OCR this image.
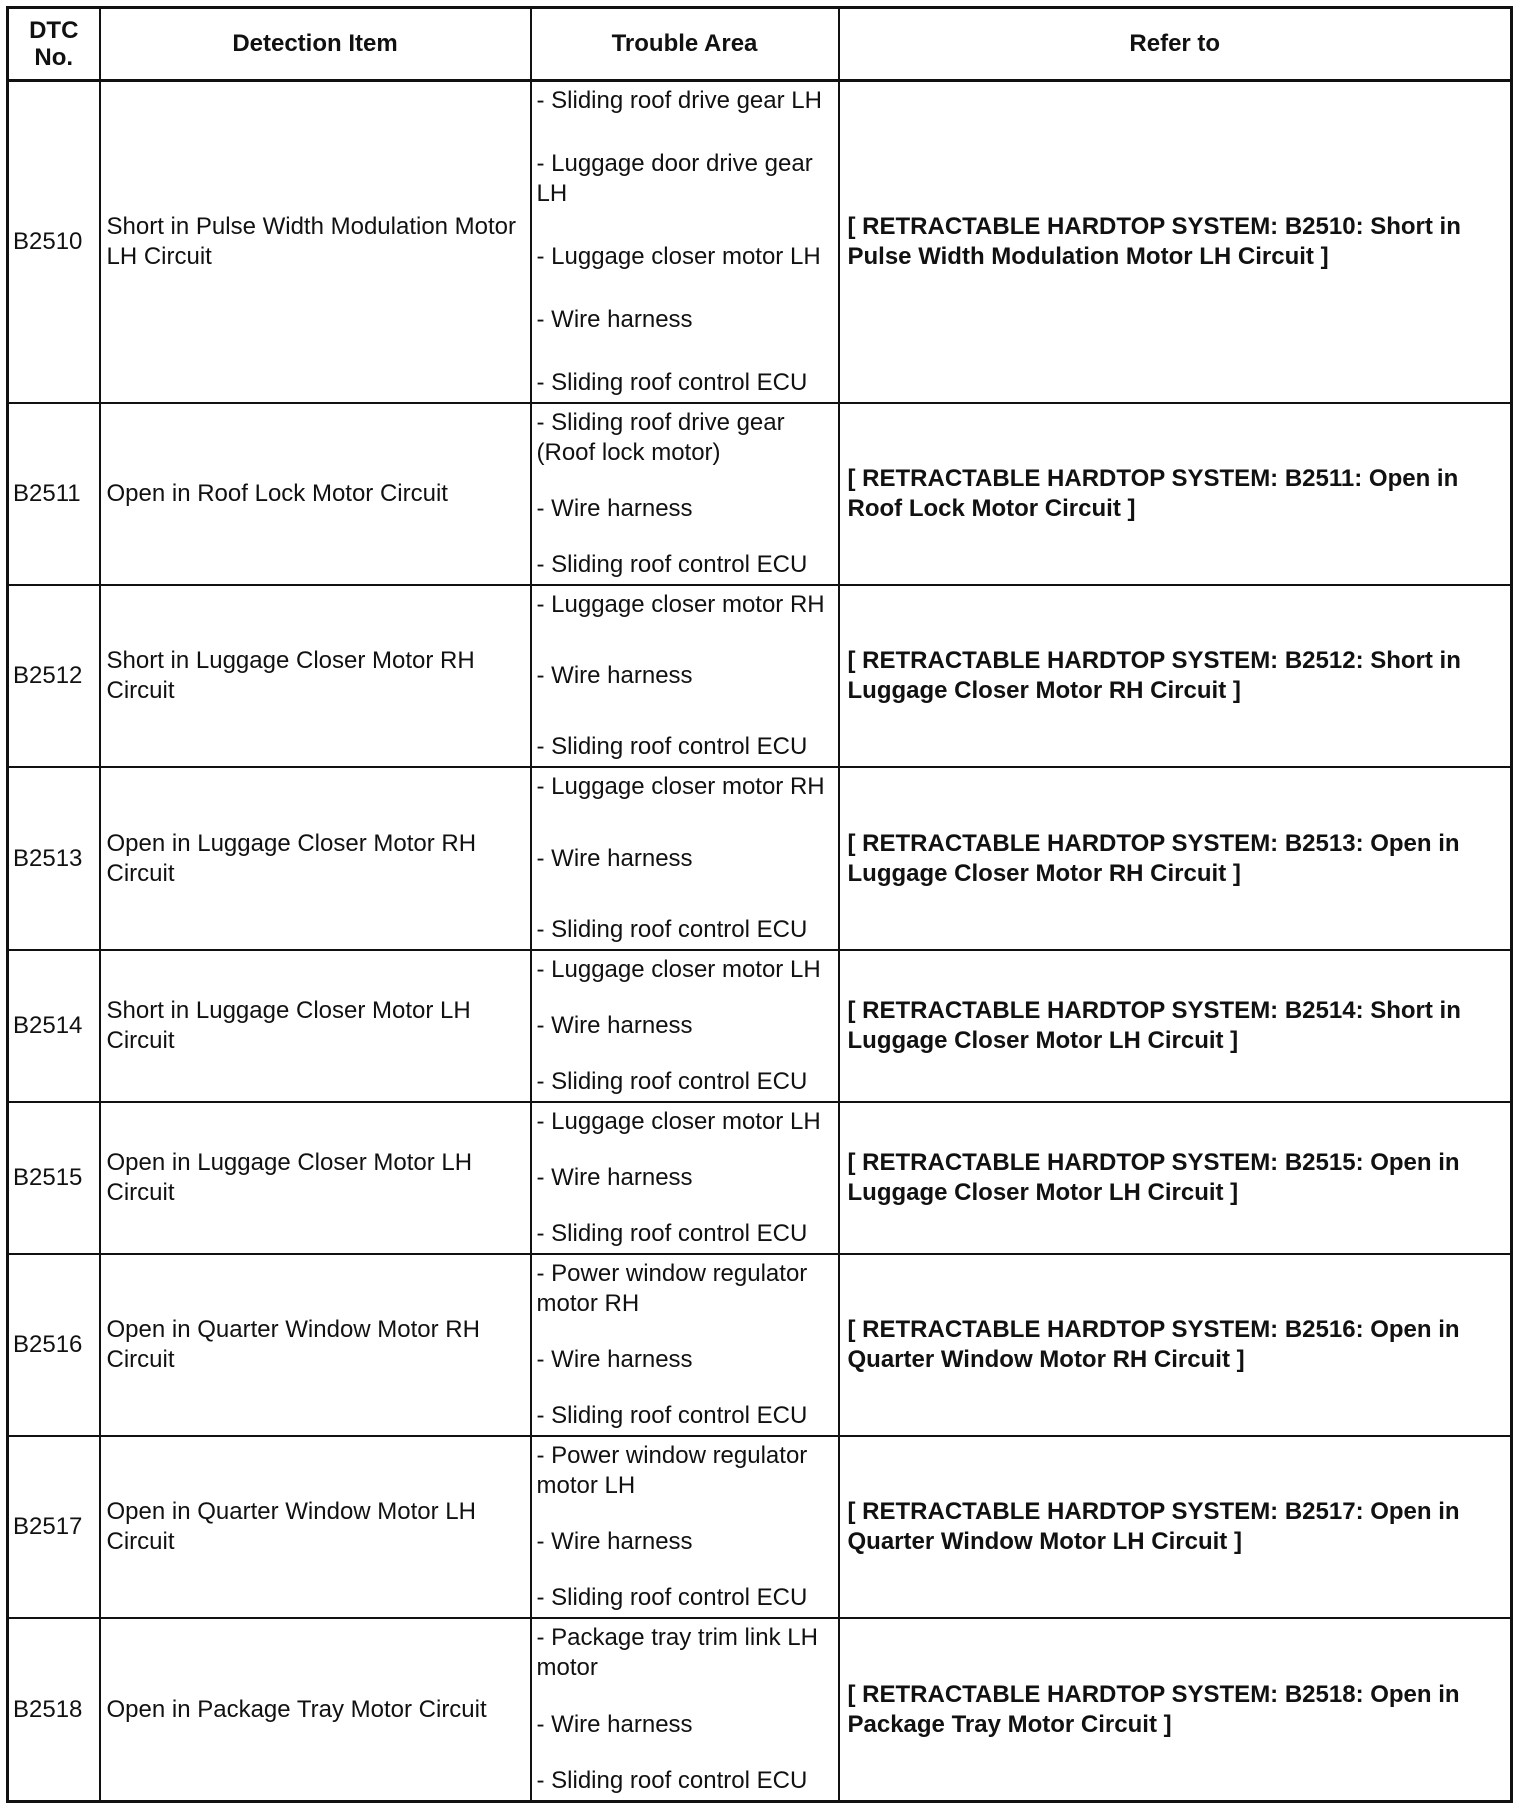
DTC No.	Detection Item	Trouble Area	Refer to
B2510	Short in Pulse Width Modulation Motor LH Circuit	- Sliding roof drive gear LH
- Luggage door drive gear LH
- Luggage closer motor LH
- Wire harness
- Sliding roof control ECU	[ RETRACTABLE HARDTOP SYSTEM: B2510: Short in Pulse Width Modulation Motor LH Circuit ]
B2511	Open in Roof Lock Motor Circuit	- Sliding roof drive gear (Roof lock motor)
- Wire harness
- Sliding roof control ECU	[ RETRACTABLE HARDTOP SYSTEM: B2511: Open in Roof Lock Motor Circuit ]
B2512	Short in Luggage Closer Motor RH Circuit	- Luggage closer motor RH
- Wire harness
- Sliding roof control ECU	[ RETRACTABLE HARDTOP SYSTEM: B2512: Short in Luggage Closer Motor RH Circuit ]
B2513	Open in Luggage Closer Motor RH Circuit	- Luggage closer motor RH
- Wire harness
- Sliding roof control ECU	[ RETRACTABLE HARDTOP SYSTEM: B2513: Open in Luggage Closer Motor RH Circuit ]
B2514	Short in Luggage Closer Motor LH Circuit	- Luggage closer motor LH
- Wire harness
- Sliding roof control ECU	[ RETRACTABLE HARDTOP SYSTEM: B2514: Short in Luggage Closer Motor LH Circuit ]
B2515	Open in Luggage Closer Motor LH Circuit	- Luggage closer motor LH
- Wire harness
- Sliding roof control ECU	[ RETRACTABLE HARDTOP SYSTEM: B2515: Open in Luggage Closer Motor LH Circuit ]
B2516	Open in Quarter Window Motor RH Circuit	- Power window regulator motor RH
- Wire harness
- Sliding roof control ECU	[ RETRACTABLE HARDTOP SYSTEM: B2516: Open in Quarter Window Motor RH Circuit ]
B2517	Open in Quarter Window Motor LH Circuit	- Power window regulator motor LH
- Wire harness
- Sliding roof control ECU	[ RETRACTABLE HARDTOP SYSTEM: B2517: Open in Quarter Window Motor LH Circuit ]
B2518	Open in Package Tray Motor Circuit	- Package tray trim link LH motor
- Wire harness
- Sliding roof control ECU	[ RETRACTABLE HARDTOP SYSTEM: B2518: Open in Package Tray Motor Circuit ]
